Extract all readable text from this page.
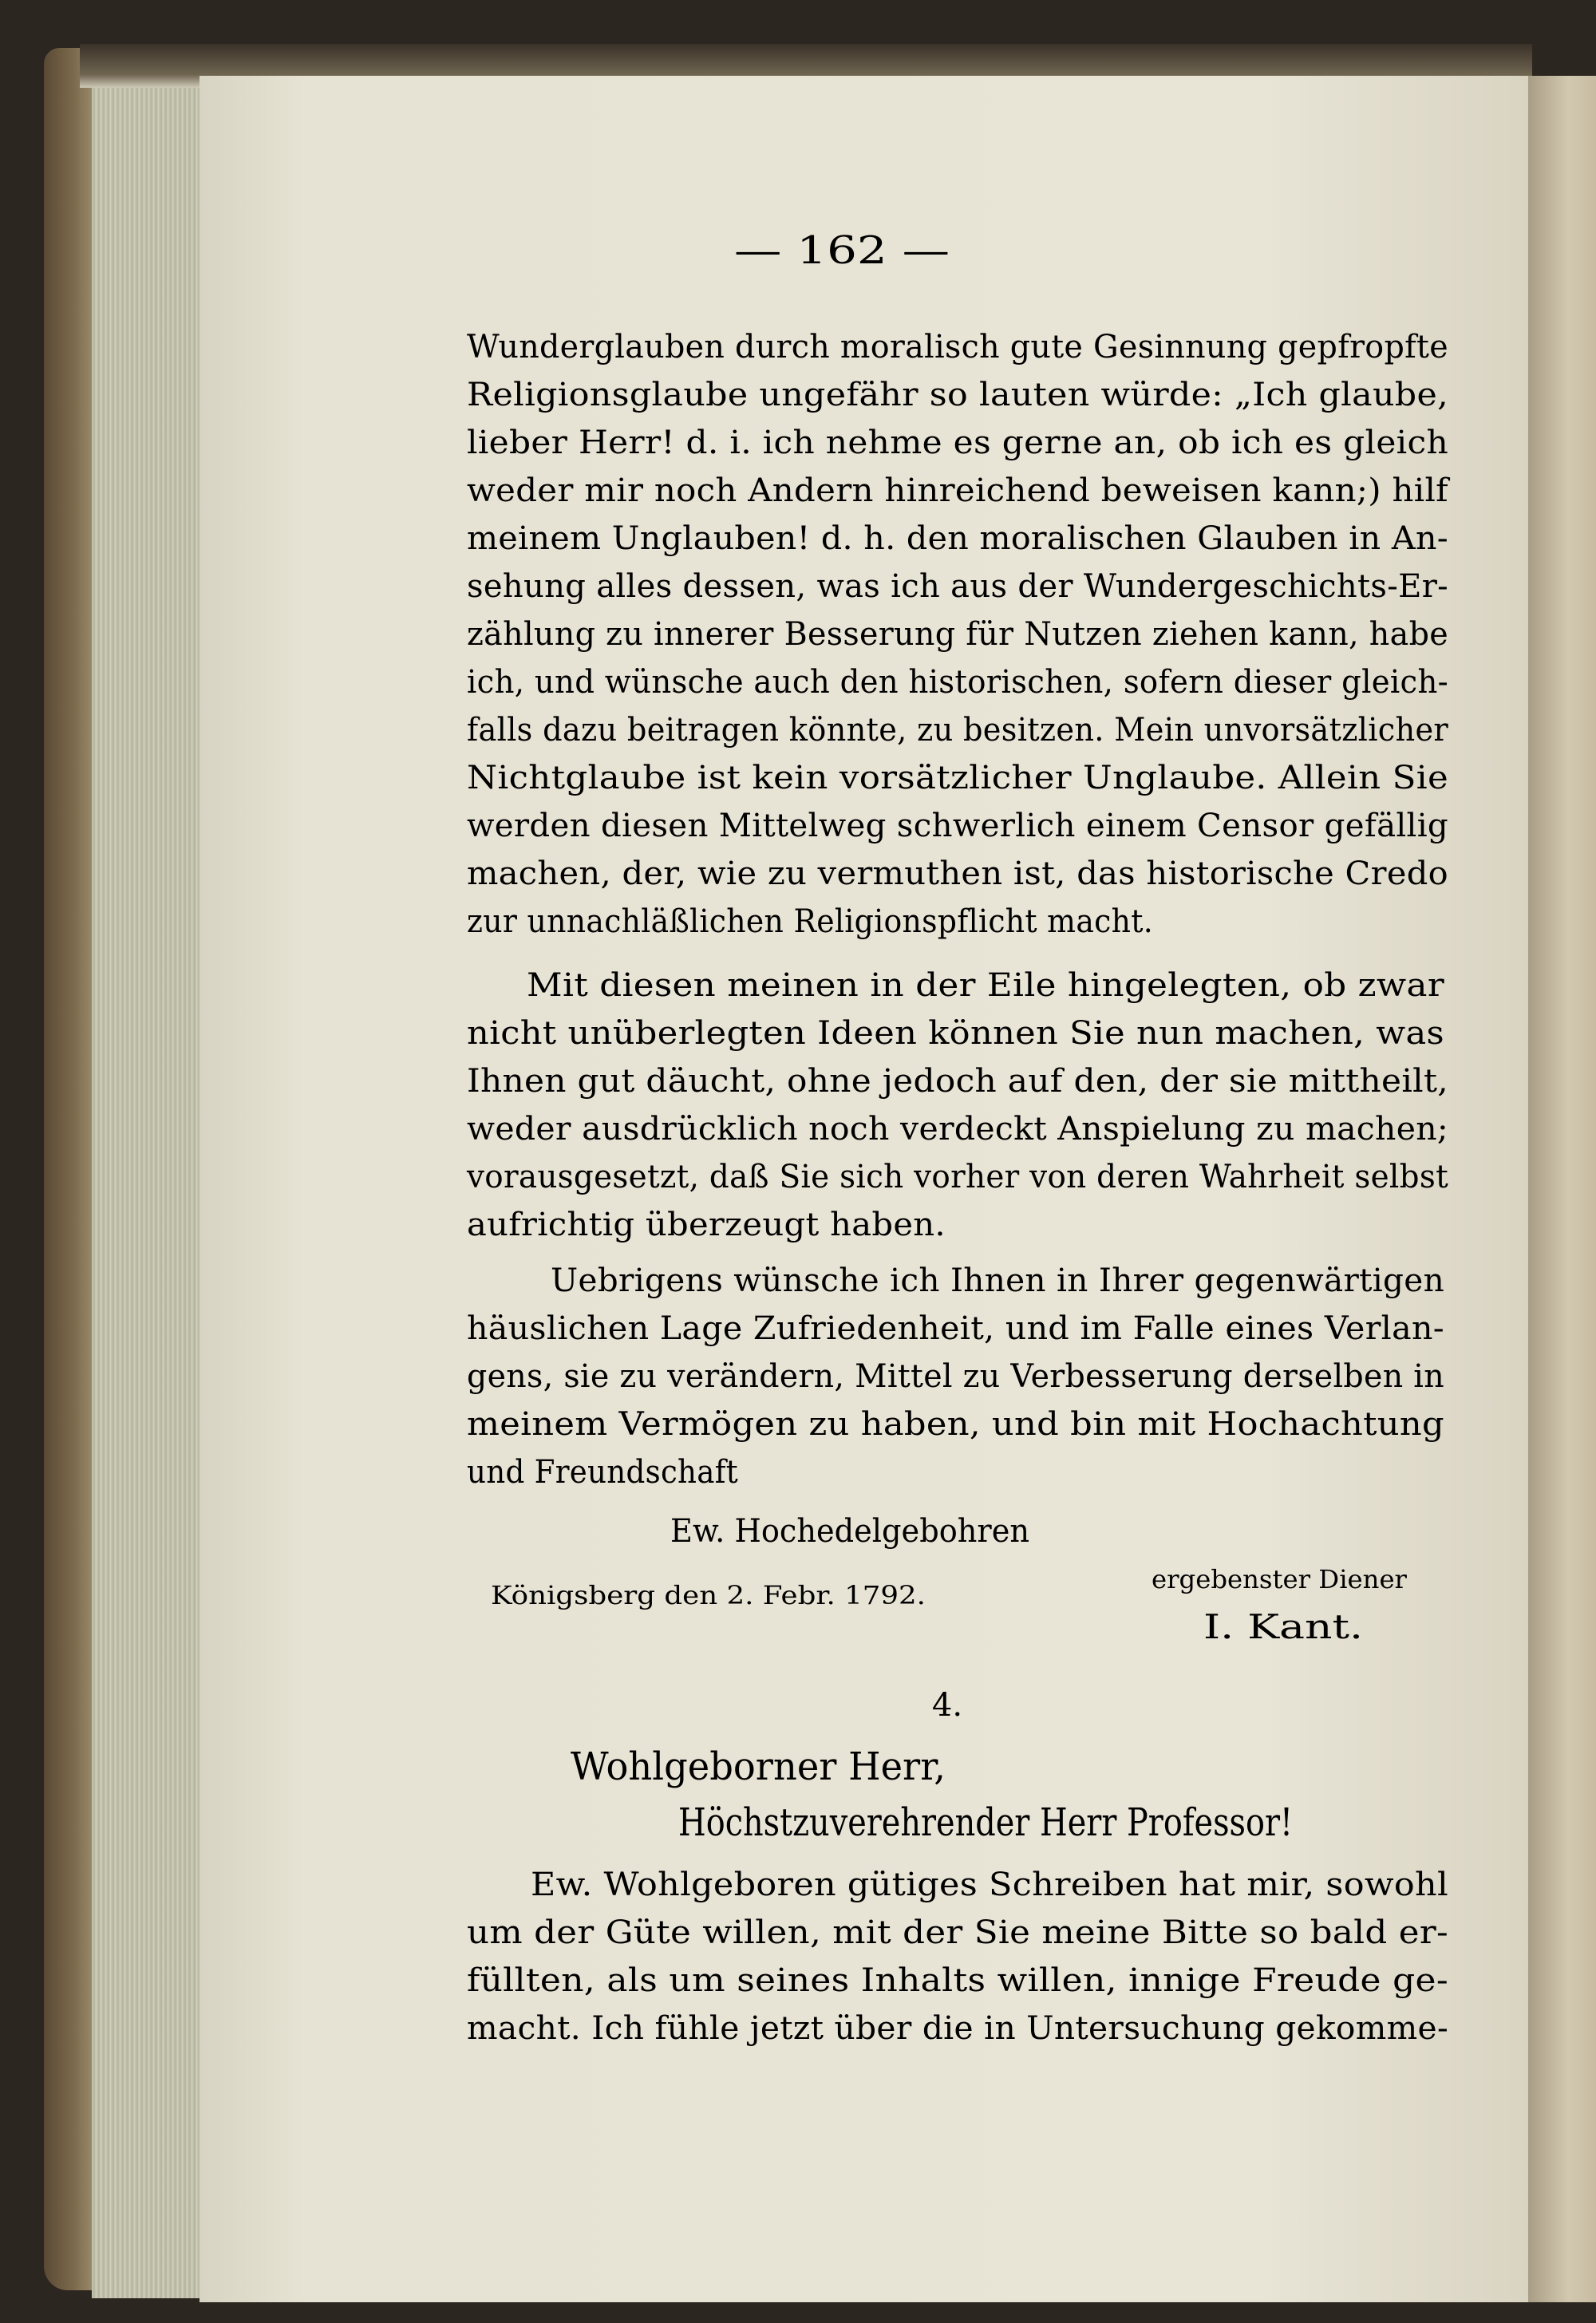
— 162 —
Wunderglauben durch moralisch gute Gesinnung gepfropfte
Religionsglaube ungefähr so lauten würde: „Ich glaube,
lieber Herr! d. i. ich nehme es gerne an, ob ich es gleich
weder mir noch Andern hinreichend beweisen kann;) hilf
meinem Unglauben! d. h. den moralischen Glauben in An-
sehung alles dessen, was ich aus der Wundergeschichts-Er-
zählung zu innerer Besserung für Nutzen ziehen kann, habe
ich, und wünsche auch den historischen, sofern dieser gleich-
falls dazu beitragen könnte, zu besitzen. Mein unvorsätzlicher
Nichtglaube ist kein vorsätzlicher Unglaube. Allein Sie
werden diesen Mittelweg schwerlich einem Censor gefällig
machen, der, wie zu vermuthen ist, das historische Credo
zur unnachläßlichen Religionspflicht macht.
Mit diesen meinen in der Eile hingelegten, ob zwar
nicht unüberlegten Ideen können Sie nun machen, was
Ihnen gut däucht, ohne jedoch auf den, der sie mittheilt,
weder ausdrücklich noch verdeckt Anspielung zu machen;
vorausgesetzt, daß Sie sich vorher von deren Wahrheit selbst
aufrichtig überzeugt haben.
Uebrigens wünsche ich Ihnen in Ihrer gegenwärtigen
häuslichen Lage Zufriedenheit, und im Falle eines Verlan-
gens, sie zu verändern, Mittel zu Verbesserung derselben in
meinem Vermögen zu haben, und bin mit Hochachtung
und Freundschaft
Ew. Hochedelgebohren
Königsberg den 2. Febr. 1792.
ergebenster Diener
I. Kant.
4.
Wohlgeborner Herr,
Höchstzuverehrender Herr Professor!
Ew. Wohlgeboren gütiges Schreiben hat mir, sowohl
um der Güte willen, mit der Sie meine Bitte so bald er-
füllten, als um seines Inhalts willen, innige Freude ge-
macht. Ich fühle jetzt über die in Untersuchung gekomme-
